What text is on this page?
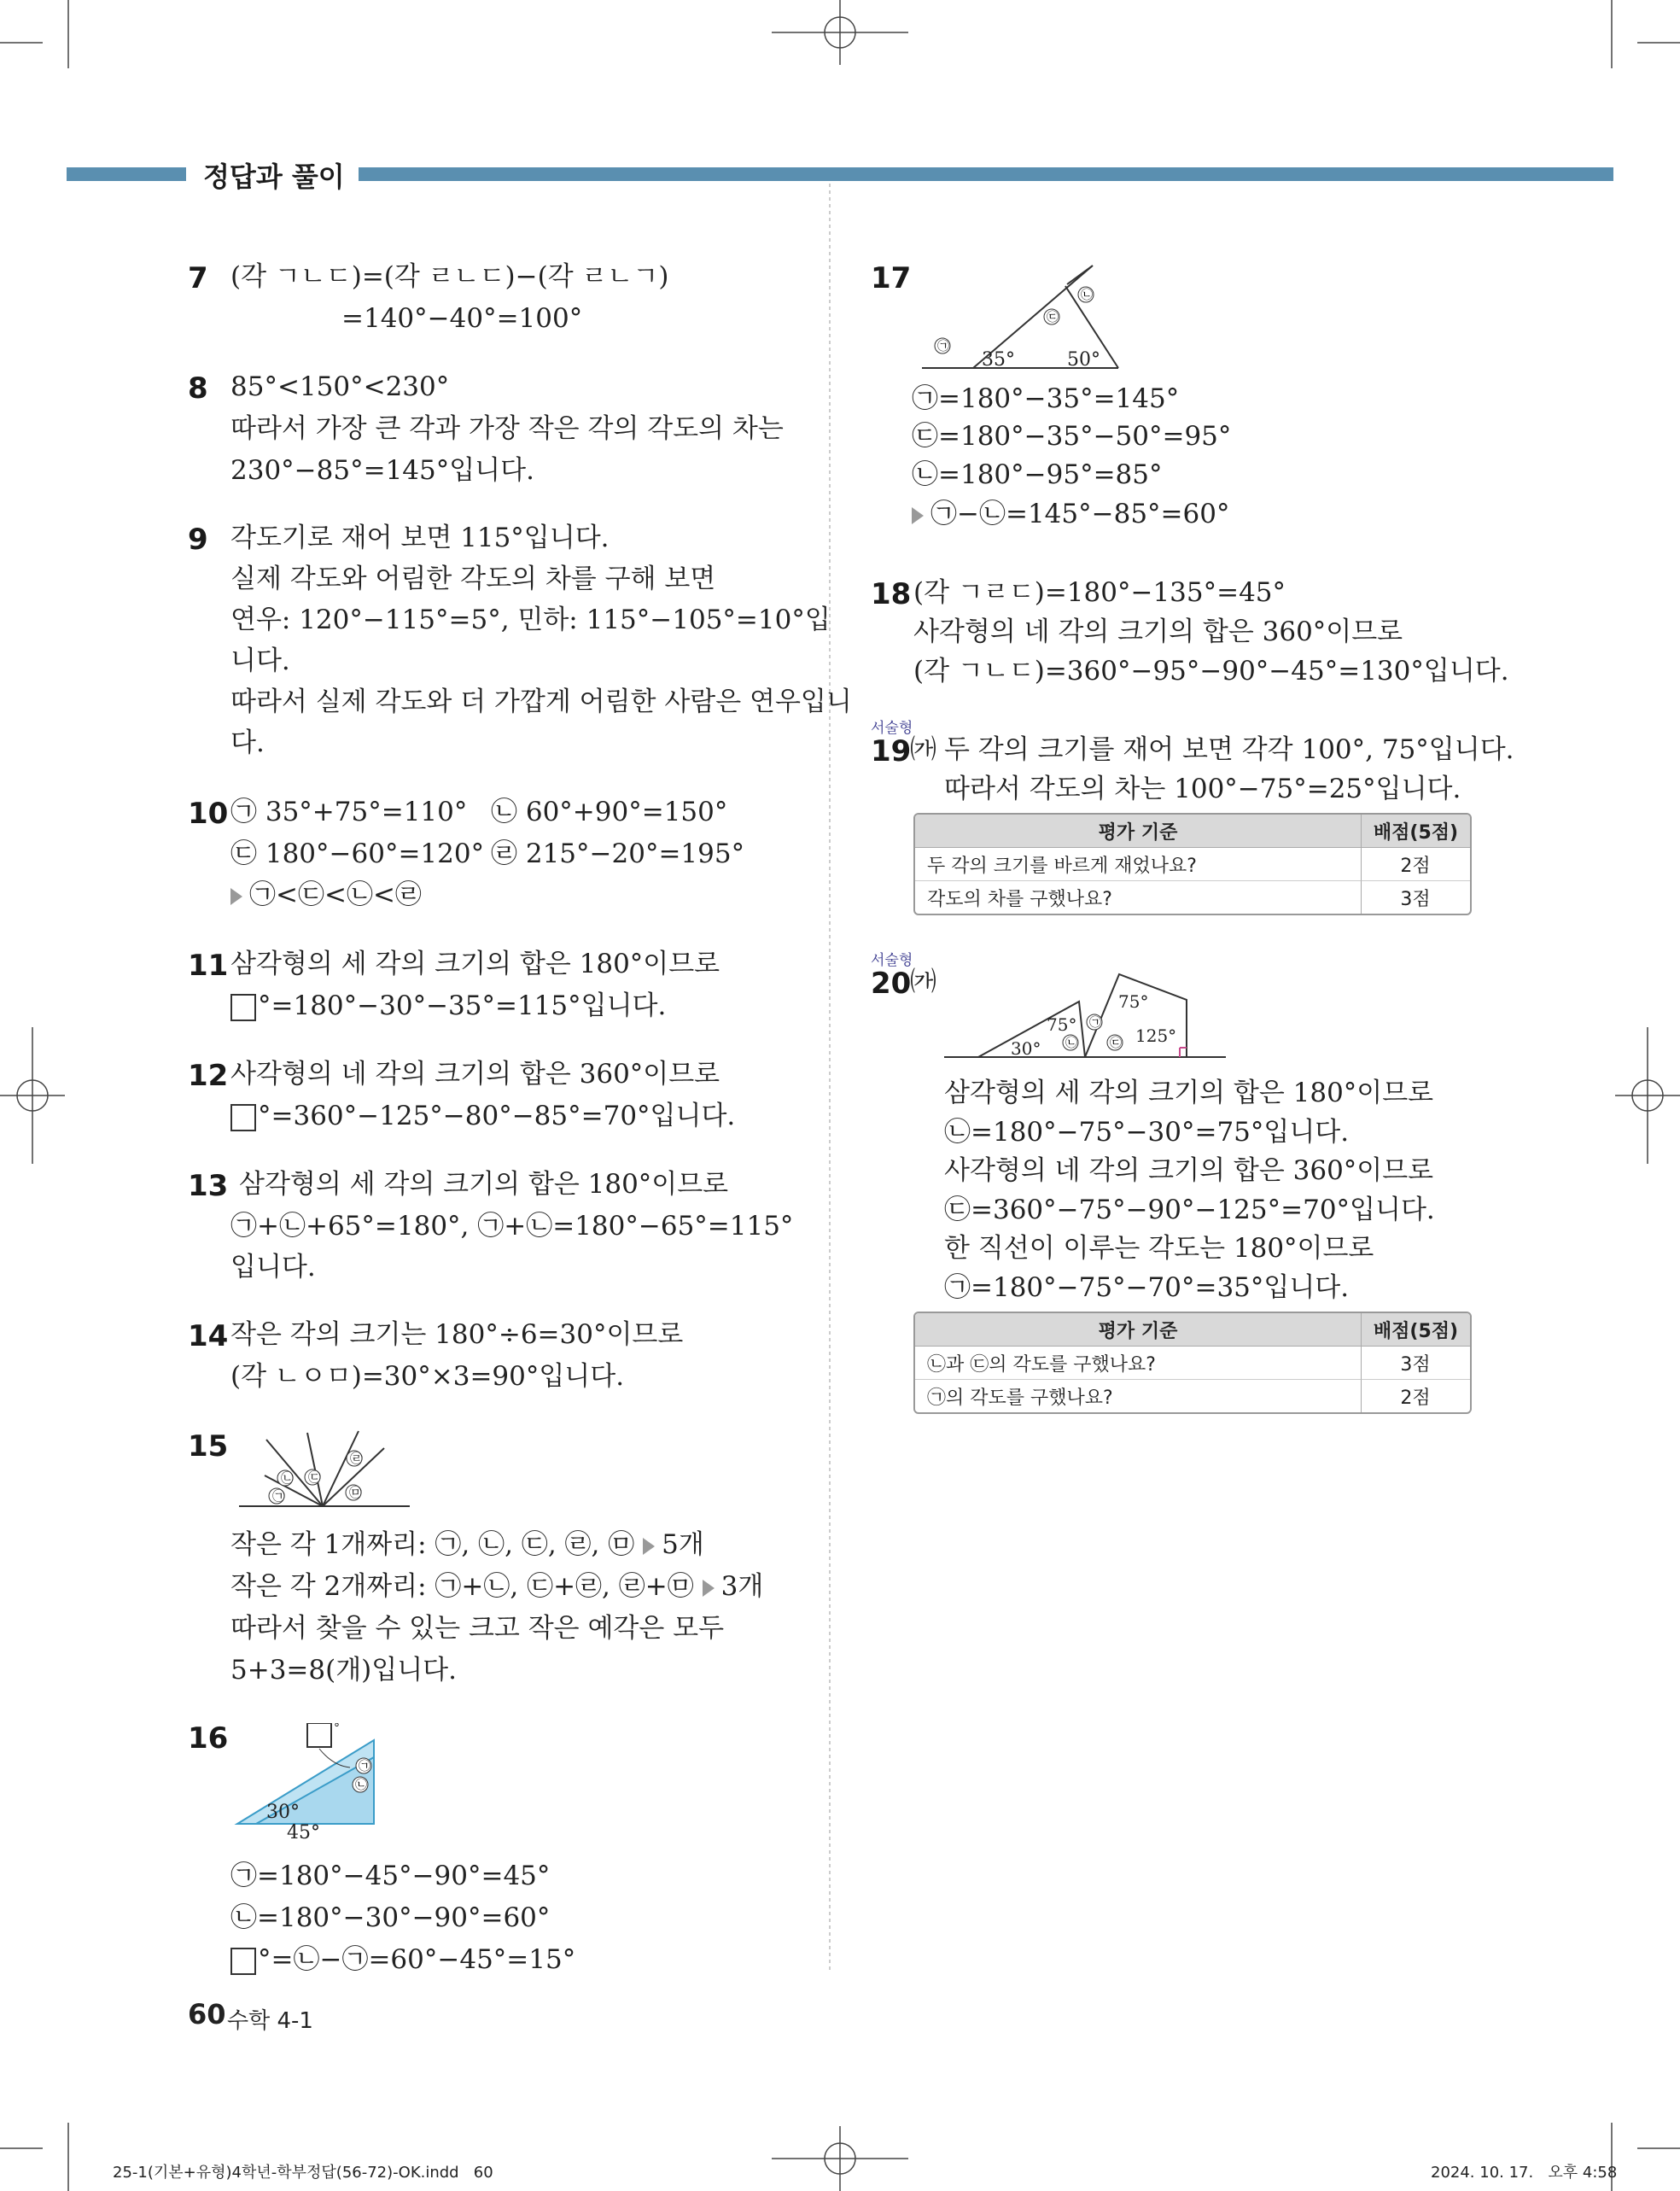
정답과 풀이
7 (각 ㄱㄴㄷ)=(각 ㄹㄴㄷ)−(각 ㄹㄴㄱ)
=140°−40°=100°
8 85°<150°<230°
따라서 가장 큰 각과 가장 작은 각의 각도의 차는
230°−85°=145°입니다.
9 각도기로 재어 보면 115°입니다.
실제 각도와 어림한 각도의 차를 구해 보면
연우: 120°−115°=5°, 민하: 115°−105°=10°입
니다.
따라서 실제 각도와 더 가깝게 어림한 사람은 연우입니
다.
10 ㉠ 35°+75°=110° ㉡ 60°+90°=150°
㉢ 180°−60°=120° ㉣ 215°−20°=195°
㉠<㉢<㉡<㉣
11 삼각형의 세 각의 크기의 합은 180°이므로
°=180°−30°−35°=115°입니다.
12 사각형의 네 각의 크기의 합은 360°이므로
°=360°−125°−80°−85°=70°입니다.
13 삼각형의 세 각의 크기의 합은 180°이므로
㉠+㉡+65°=180°, ㉠+㉡=180°−65°=115°
입니다.
14 작은 각의 크기는 180°÷6=30°이므로
(각 ㄴㅇㅁ)=30°×3=90°입니다.
15
㉠
㉡ ㉢
㉣
㉤
작은 각 1개짜리: ㉠, ㉡, ㉢, ㉣, ㉤ 5개
작은 각 2개짜리: ㉠+㉡, ㉢+㉣, ㉣+㉤ 3개
따라서 찾을 수 있는 크고 작은 예각은 모두
5+3=8(개)입니다.
16	°
30°
45°
㉠
㉡
㉠=180°−45°−90°=45°
㉡=180°−30°−90°=60°
°=㉡−㉠=60°−45°=15°
17
35°	50°
㉠
㉢
㉡
㉠=180°−35°=145°
㉢=180°−35°−50°=95°
㉡=180°−95°=85°
㉠−㉡=145°−85°=60°
18 (각 ㄱㄹㄷ)=180°−135°=45°
사각형의 네 각의 크기의 합은 360°이므로
(각 ㄱㄴㄷ)=360°−95°−90°−45°=130°입니다.
서술형
19
㈎ 두 각의 크기를 재어 보면 각각 100°, 75°입니다.
따라서 각도의 차는 100°−75°=25°입니다.
평가 기준	배점(5점)
두 각의 크기를 바르게 재었나요?	2점
각도의 차를 구했나요?	3점
서술형
20
㈎
30°
75°
75°
125°
㉠
㉡	㉢
삼각형의 세 각의 크기의 합은 180°이므로
㉡=180°−75°−30°=75°입니다.
사각형의 네 각의 크기의 합은 360°이므로
㉢=360°−75°−90°−125°=70°입니다.
한 직선이 이루는 각도는 180°이므로
㉠=180°−75°−70°=35°입니다.
평가 기준	배점(5점)
㉡과 ㉢의 각도를 구했나요?	3점
㉠의 각도를 구했나요?	2점
60 수학 4-1
25-1(기본+유형)4학년-학부정답(56-72)-OK.indd   60	2024. 10. 17.   오후 4:58
